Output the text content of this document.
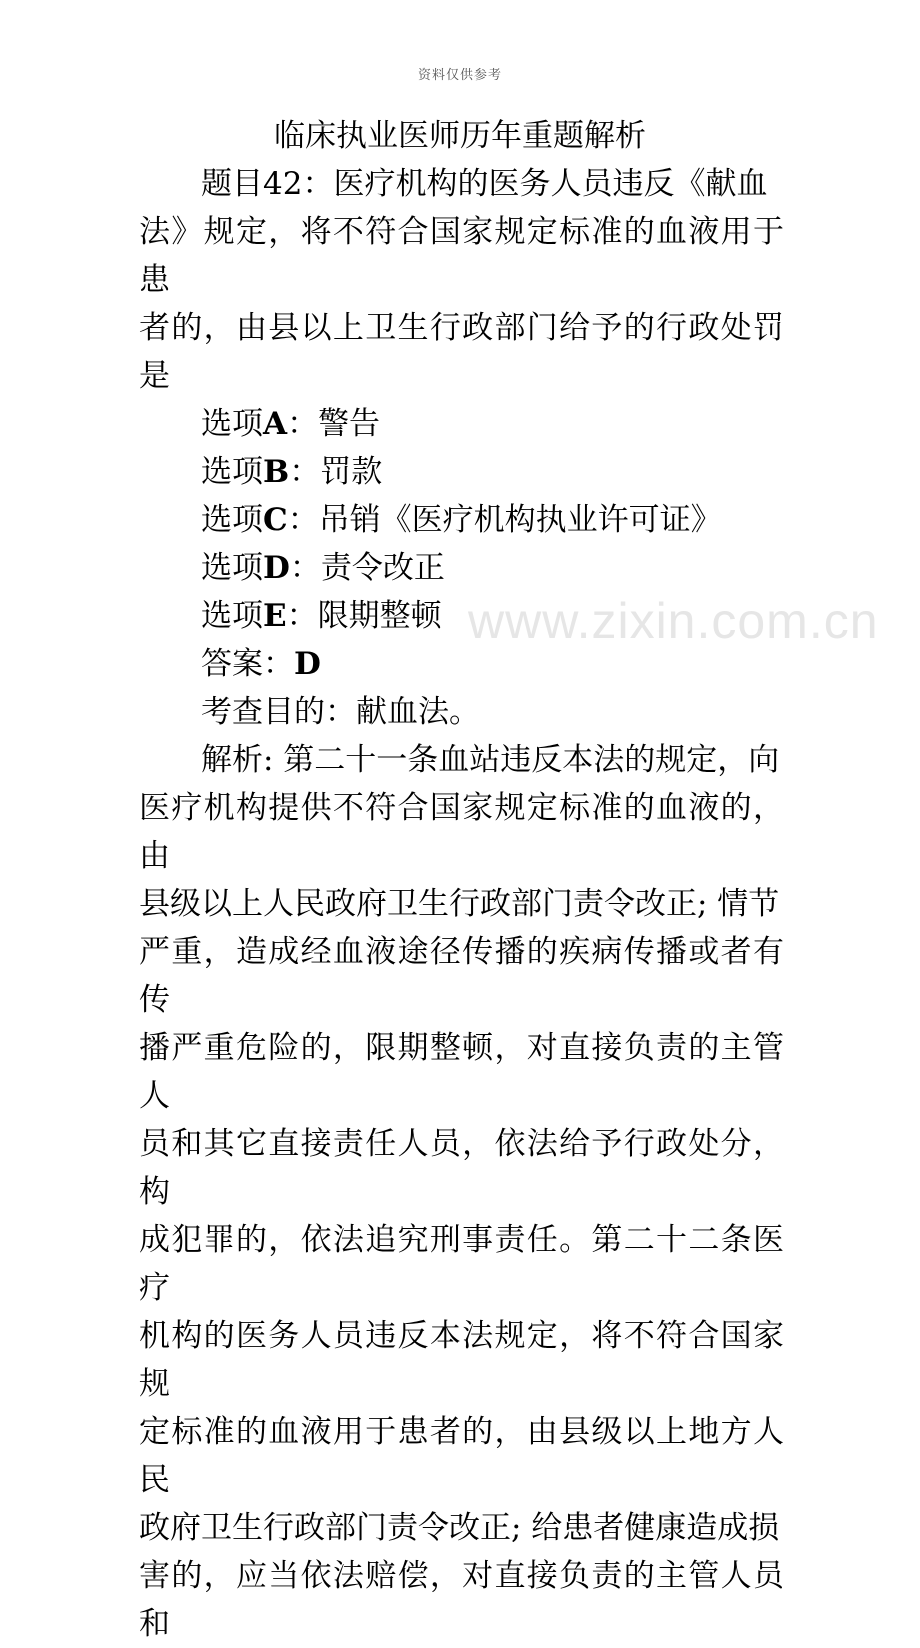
资料仅供参考
临床执业医师历年重题解析

题目42：医疗机构的医务人员违反《献血
法》规定，将不符合国家规定标准的血液用于患
者的，由县以上卫生行政部门给予的行政处罚是

选项A：警告

选项B：罚款

选项C：吊销《医疗机构执业许可证》

选项D：责令改正

选项E：限期整顿

答案：D

考查目的：献血法。

解析: 第二十一条血站违反本法的规定，向
医疗机构提供不符合国家规定标准的血液的，由
县级以上人民政府卫生行政部门责令改正; 情节
严重，造成经血液途径传播的疾病传播或者有传
播严重危险的，限期整顿，对直接负责的主管人
员和其它直接责任人员，依法给予行政处分，构
成犯罪的，依法追究刑事责任。第二十二条医疗
机构的医务人员违反本法规定，将不符合国家规
定标准的血液用于患者的，由县级以上地方人民
政府卫生行政部门责令改正; 给患者健康造成损
害的，应当依法赔偿，对直接负责的主管人员和

www.zixin.com.cn
